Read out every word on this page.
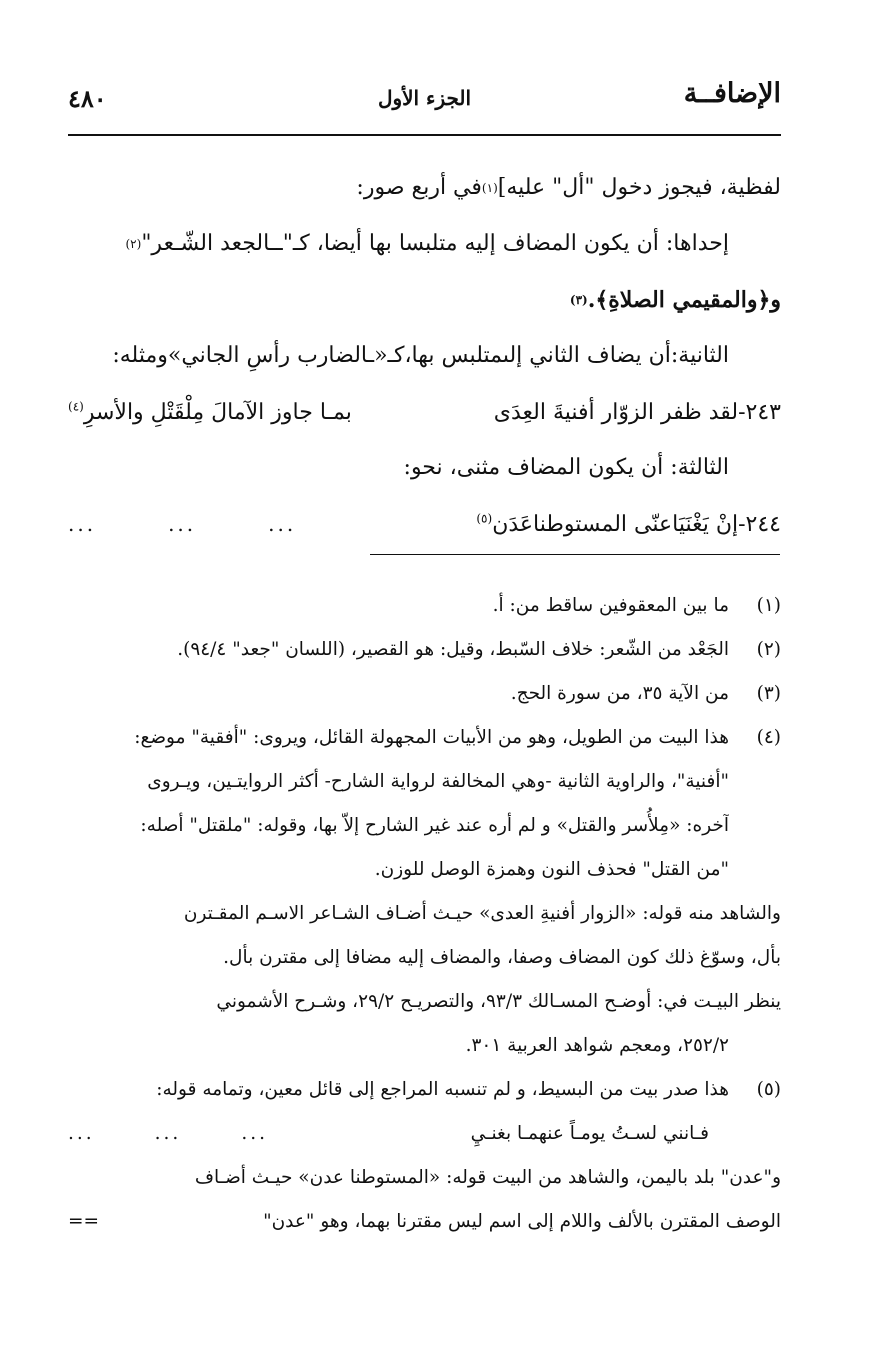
الإضافــة
الجزء الأول
٤٨٠
لفظية، فيجوز دخول "أل" عليه]
(١)
في أربع صور:
إحداها: أن يكون المضاف إليه متلبسا بها أيضا، كـ"ــالجعد الشّـعر"
(٢)
و﴿والمقيمي الصلاةِ﴾.
(٣)
الثانية:أن يضاف الثاني إلىمتلبس بها،كـ«ـالضارب رأسِ الجاني»ومثله:
٢٤٣-لقد ظفر الزوّار أفنيةَ العِدَى
بمـا جاوز الآمالَ مِلْقَتْلِ والأسرِ$^{(٤)}$
الثالثة: أن يكون المضاف مثنى، نحو:
٢٤٤-إنْ يَغْنَيَاعنّى المستوطناعَدَن$^{(٥)}$
...	...	...
(١)
ما بين المعقوفين ساقط من: أ.
(٢)
الجَعْد من الشّعر: خلاف السّبط، وقيل: هو القصير، (اللسان "جعد" ٩٤/٤).
(٣)
من الآية ٣٥، من سورة الحج.
(٤)
هذا البيت من الطويل، وهو من الأبيات المجهولة القائل، ويروى: "أفقية" موضع:
"أفنية"، والراوية الثانية -وهي المخالفة لرواية الشارح- أكثر الروايتـين، ويـروى
آخره: «مِلأُسر والقتل» و لم أره عند غير الشارح إلاّ بها، وقوله: "ملقتل" أصله:
"من القتل" فحذف النون وهمزة الوصل للوزن.
والشاهد منه قوله: «الزوار أفنيةِ العدى» حيـث أضـاف الشـاعر الاسـم المقـترن
بأل، وسوّغ ذلك كون المضاف وصفا، والمضاف إليه مضافا إلى مقترن بأل.
ينظر البيـت في: أوضـح المسـالك ٩٣/٣، والتصريـح ٢٩/٢، وشـرح الأشموني
٢٥٢/٢، ومعجم شواهد العربية ٣٠١.
(٥)
هذا صدر بيت من البسيط، و لم تنسبه المراجع إلى قائل معين، وتمامه قوله:
فـانني لسـتُ يومـاً عنهمـا بغنـيِ
...	...	...
و"عدن" بلد باليمن، والشاهد من البيت قوله: «المستوطنا عدن» حيـث أضـاف
الوصف المقترن بالألف واللام إلى اسم ليس مقترنا بهما، وهو "عدن"
==
